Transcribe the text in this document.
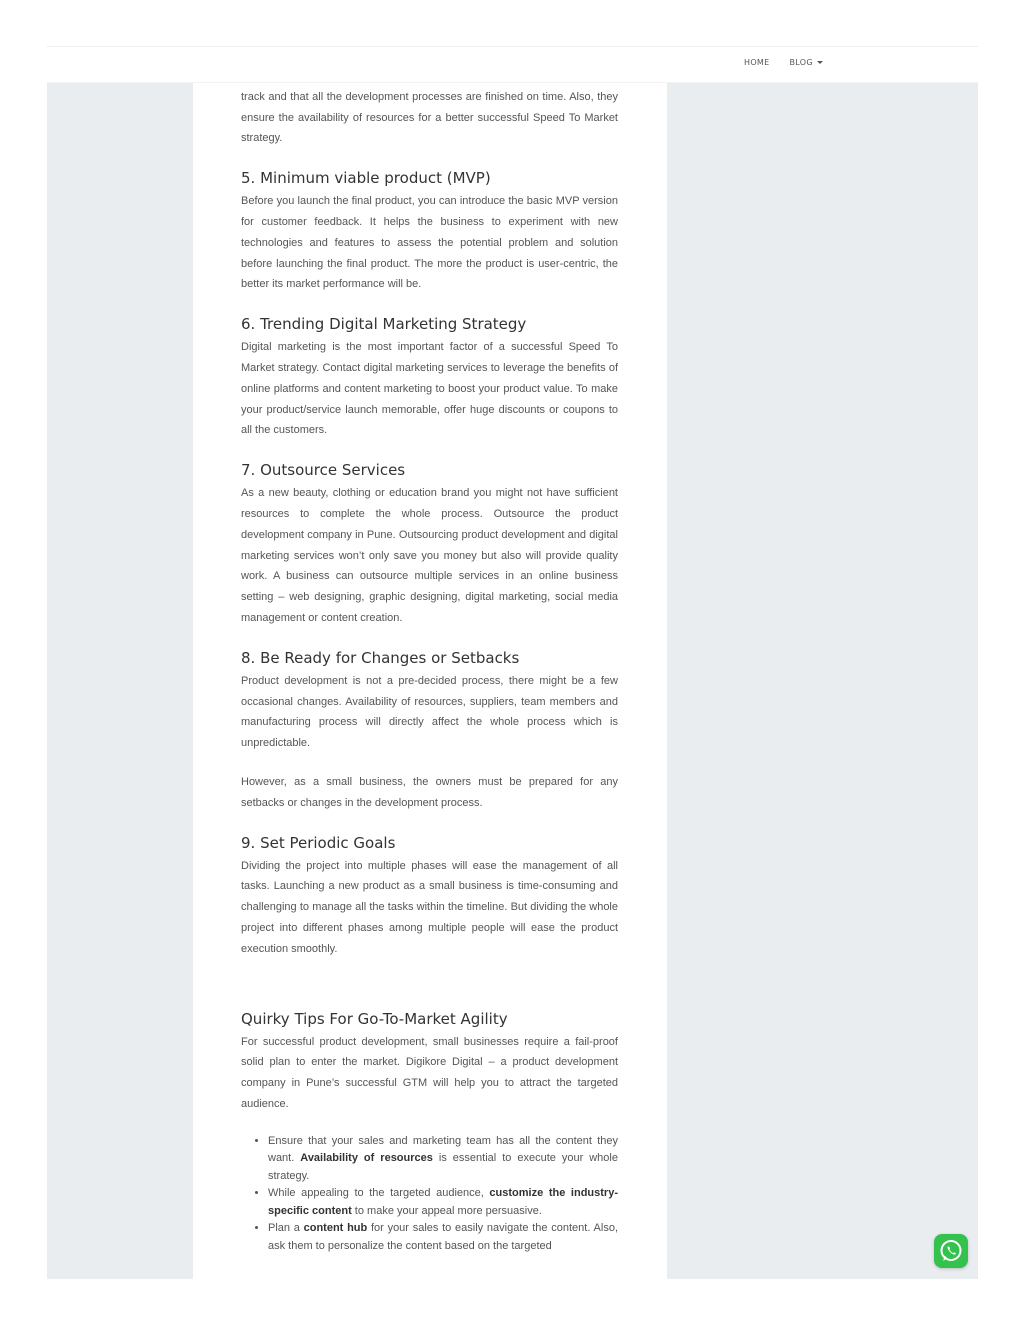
HOME	BLOG

track and that all the development processes are finished on time. Also, they ensure the availability of resources for a better successful Speed To Market strategy.

5. Minimum viable product (MVP)

Before you launch the final product, you can introduce the basic MVP version for customer feedback. It helps the business to experiment with new technologies and features to assess the potential problem and solution before launching the final product. The more the product is user-centric, the better its market performance will be.

6. Trending Digital Marketing Strategy

Digital marketing is the most important factor of a successful Speed To Market strategy. Contact digital marketing services to leverage the benefits of online platforms and content marketing to boost your product value. To make your product/service launch memorable, offer huge discounts or coupons to all the customers.

7. Outsource Services

As a new beauty, clothing or education brand you might not have sufficient resources to complete the whole process. Outsource the product development company in Pune. Outsourcing product development and digital marketing services won’t only save you money but also will provide quality work. A business can outsource multiple services in an online business setting – web designing, graphic designing, digital marketing, social media management or content creation.

8. Be Ready for Changes or Setbacks

Product development is not a pre-decided process, there might be a few occasional changes. Availability of resources, suppliers, team members and manufacturing process will directly affect the whole process which is unpredictable.

However, as a small business, the owners must be prepared for any setbacks or changes in the development process.

9. Set Periodic Goals

Dividing the project into multiple phases will ease the management of all tasks. Launching a new product as a small business is time-consuming and challenging to manage all the tasks within the timeline. But dividing the whole project into different phases among multiple people will ease the product execution smoothly.

Quirky Tips For Go-To-Market Agility

For successful product development, small businesses require a fail-proof solid plan to enter the market. Digikore Digital – a product development company in Pune’s successful GTM will help you to attract the targeted audience.

• Ensure that your sales and marketing team has all the content they want. Availability of resources is essential to execute your whole strategy.
• While appealing to the targeted audience, customize the industry-specific content to make your appeal more persuasive.
• Plan a content hub for your sales to easily navigate the content. Also, ask them to personalize the content based on the targeted
